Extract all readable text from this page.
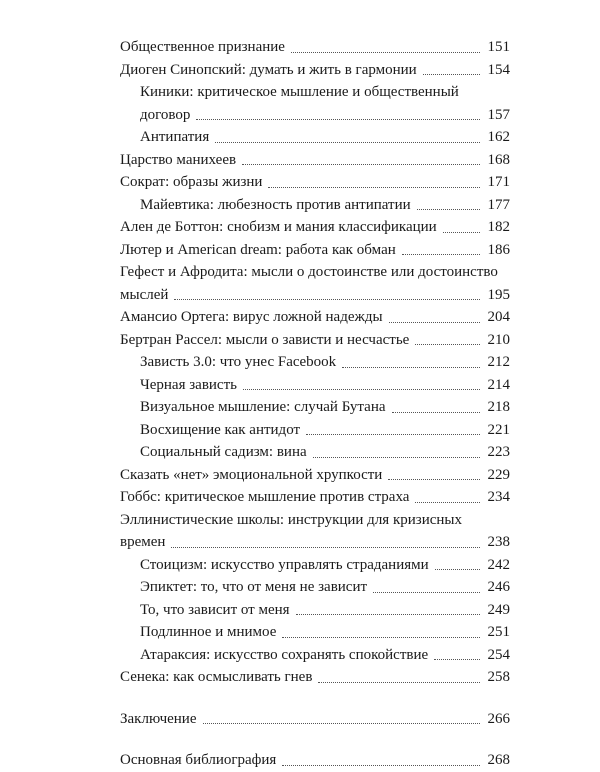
Общественное признание	151
Диоген Синопский: думать и жить в гармонии	154
Киники: критическое мышление и общественный
договор	157
Антипатия	162
Царство манихеев	168
Сократ: образы жизни	171
Майевтика: любезность против антипатии	177
Ален де Боттон: снобизм и мания классификации	182
Лютер и American dream: работа как обман	186
Гефест и Афродита: мысли о достоинстве или достоинство
мыслей	195
Амансио Ортега: вирус ложной надежды	204
Бертран Рассел: мысли о зависти и несчастье	210
Зависть 3.0: что унес Facebook	212
Черная зависть	214
Визуальное мышление: случай Бутана	218
Восхищение как антидот	221
Социальный садизм: вина	223
Сказать «нет» эмоциональной хрупкости	229
Гоббс: критическое мышление против страха	234
Эллинистические школы: инструкции для кризисных
времен	238
Стоицизм: искусство управлять страданиями	242
Эпиктет: то, что от меня не зависит	246
То, что зависит от меня	249
Подлинное и мнимое	251
Атараксия: искусство сохранять спокойствие	254
Сенека: как осмысливать гнев	258
Заключение	266
Основная библиография	268
